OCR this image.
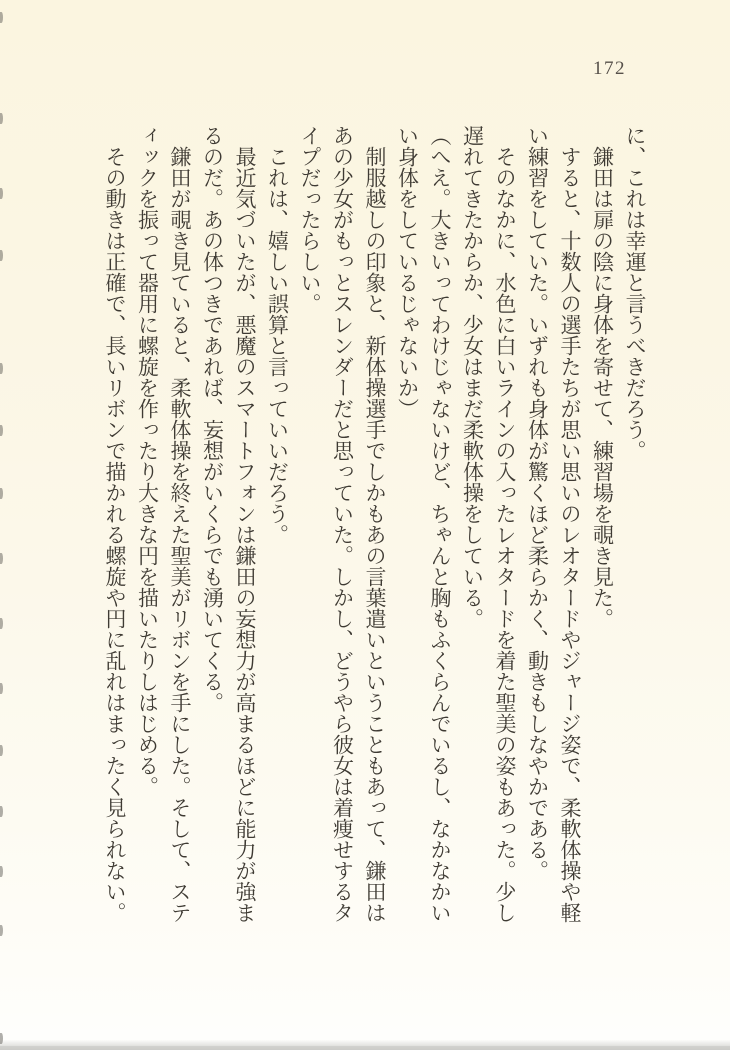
172

に、これは幸運と言うべきだろう。

鎌田は扉の陰に身体を寄せて、練習場を覗き見た。

すると、十数人の選手たちが思い思いのレオタードやジャージ姿で、柔軟体操や軽い練習をしていた。いずれも身体が驚くほど柔らかく、動きもしなやかである。

そのなかに、水色に白いラインの入ったレオタードを着た聖美の姿もあった。少し遅れてきたからか、少女はまだ柔軟体操をしている。

（へえ。大きいってわけじゃないけど、ちゃんと胸もふくらんでいるし、なかなかいい身体をしているじゃないか）

制服越しの印象と、新体操選手でしかもあの言葉遣いということもあって、鎌田はあの少女がもっとスレンダーだと思っていた。しかし、どうやら彼女は着痩せするタイプだったらしい。

これは、嬉しい誤算と言っていいだろう。

最近気づいたが、悪魔のスマートフォンは鎌田の妄想力が高まるほどに能力が強まるのだ。あの体つきであれば、妄想がいくらでも湧いてくる。

鎌田が覗き見ていると、柔軟体操を終えた聖美がリボンを手にした。そして、スティックを振って器用に螺旋を作ったり大きな円を描いたりしはじめる。

その動きは正確で、長いリボンで描かれる螺旋や円に乱れはまったく見られない。
